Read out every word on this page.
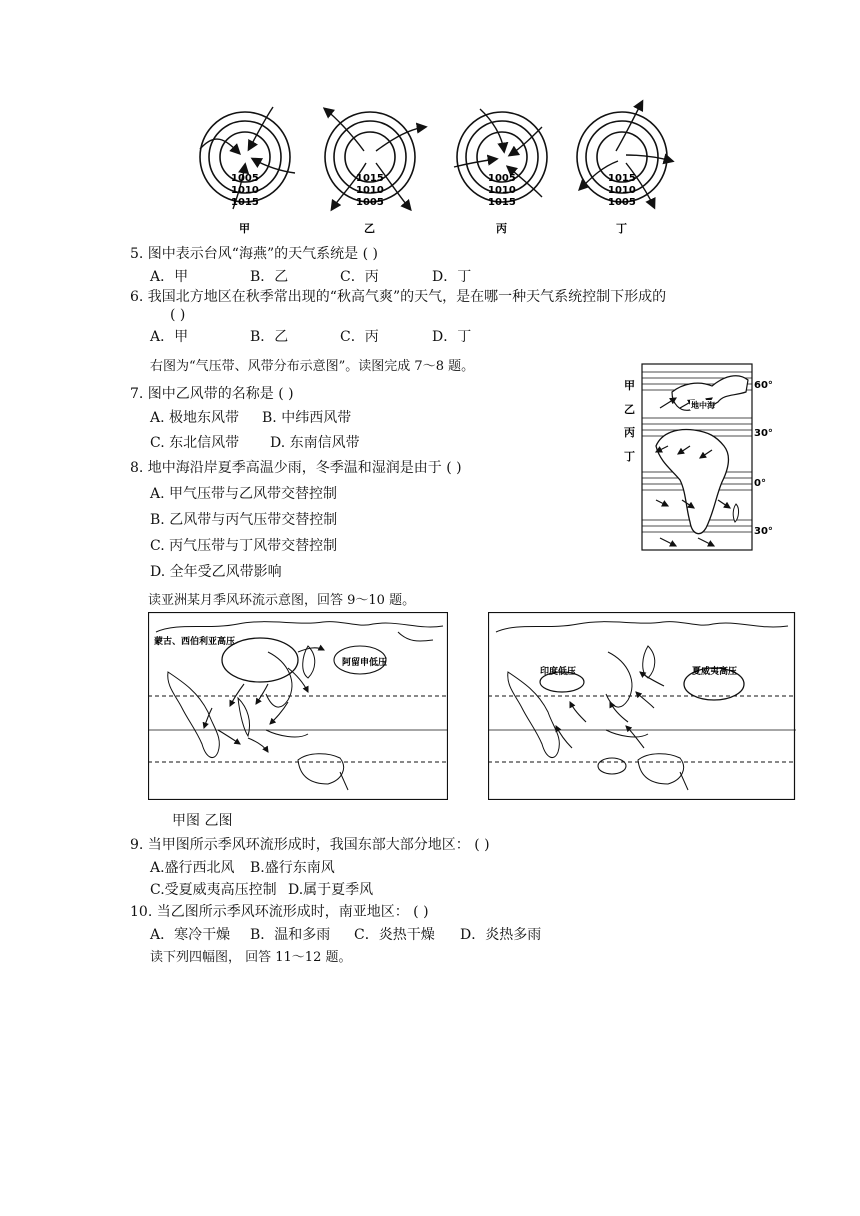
1005
1010
1015
甲
1015
1010
1005
乙
1005
1010
1015
丙
1015
1010
1005
丁
5. 图中表示台风“海燕”的天气系统是 ( )
A．甲	B．乙	C．丙	D．丁
6. 我国北方地区在秋季常出现的“秋高气爽”的天气，是在哪一种天气系统控制下形成的
( )
A．甲	B．乙	C．丙	D．丁
右图为“气压带、风带分布示意图”。读图完成 7～8 题。
7. 图中乙风带的名称是 ( )
A. 极地东风带 B. 中纬西风带
C. 东北信风带 D. 东南信风带
8. 地中海沿岸夏季高温少雨，冬季温和湿润是由于 ( )
A. 甲气压带与乙风带交替控制
B. 乙风带与丙气压带交替控制
C. 丙气压带与丁风带交替控制
D. 全年受乙风带影响
地中海
甲
乙
丙
丁
60°
30°
0°
30°
读亚洲某月季风环流示意图，回答 9～10 题。
蒙古、西伯利亚高压
阿留申低压
印度低压	夏威夷高压
甲图 乙图
9. 当甲图所示季风环流形成时，我国东部大部分地区： ( )
A.盛行西北风 B.盛行东南风
C.受夏威夷高压控制 D.属于夏季风
10. 当乙图所示季风环流形成时，南亚地区： ( )
A．寒冷干燥 B．温和多雨 C．炎热干燥 D．炎热多雨
读下列四幅图， 回答 11～12 题。
